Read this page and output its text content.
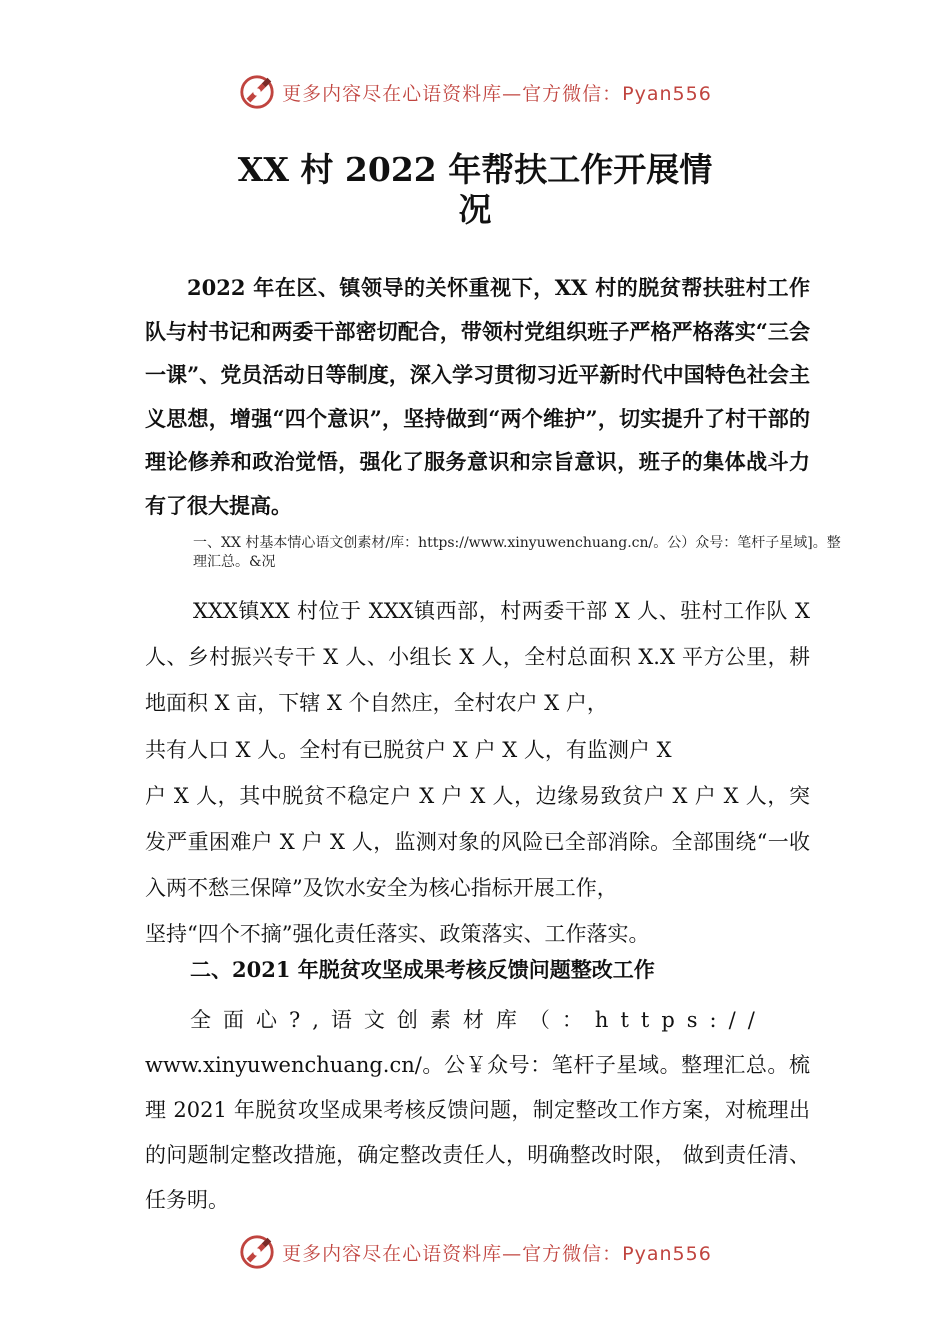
更多内容尽在心语资料库—官方微信：Pyan556
XX 村 2022 年帮扶工作开展情
况

2022 年在区、镇领导的关怀重视下，XX 村的脱贫帮扶驻村工作队与村书记和两委干部密切配合，带领村党组织班子严格严格落实“三会一课”、党员活动日等制度，深入学习贯彻习近平新时代中国特色社会主义思想，增强“四个意识”，坚持做到“两个维护”，切实提升了村干部的理论修养和政治觉悟，强化了服务意识和宗旨意识，班子的集体战斗力有了很大提高。

一、XX 村基本情心语文创素材/库：https://www.xinyuwenchuang.cn/。公）众号：笔杆子星域]。整理汇总。&况

XXX镇XX 村位于 XXX镇西部，村两委干部 X 人、驻村工作队 X 人、乡村振兴专干 X 人、小组长 X 人，全村总面积 X.X 平方公里，耕地面积 X 亩，下辖 X 个自然庄，全村农户 X 户，
共有人口 X 人。全村有已脱贫户 X 户 X 人，有监测户 X
户 X 人，其中脱贫不稳定户 X 户 X 人，边缘易致贫户 X 户 X 人，突发严重困难户 X 户 X 人，监测对象的风险已全部消除。全部围绕“一收入两不愁三保障”及饮水安全为核心指标开展工作，
坚持“四个不摘”强化责任落实、政策落实、工作落实。

二、2021 年脱贫攻坚成果考核反馈问题整改工作

全面心?,语文创素材库（：https://
www.xinyuwenchuang.cn/。公￥众号：笔杆子星域。整理汇总。梳理 2021 年脱贫攻坚成果考核反馈问题，制定整改工作方案，对梳理出的问题制定整改措施，确定整改责任人，明确整改时限， 做到责任清、任务明。

更多内容尽在心语资料库—官方微信：Pyan556
